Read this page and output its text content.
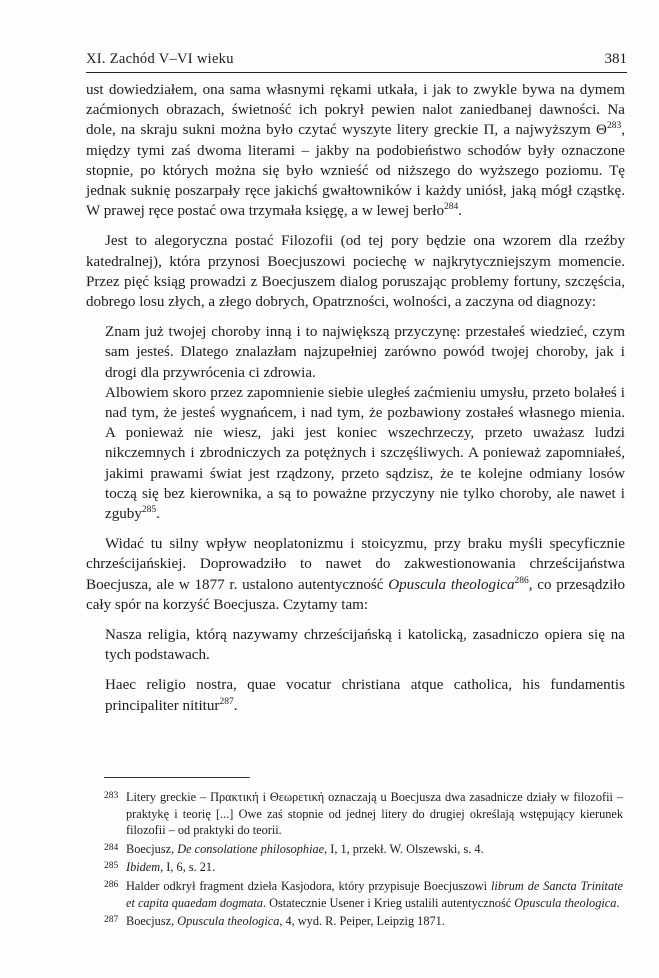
XI. Zachód V–VI wieku	381

ust dowiedziałem, ona sama własnymi rękami utkała, i jak to zwykle bywa na dymem zaćmionych obrazach, świetność ich pokrył pewien nalot zaniedbanej dawności. Na dole, na skraju sukni można było czytać wyszyte litery greckie Π, a najwyższym $\Theta^{283}$, między tymi zaś dwoma literami – jakby na podobieństwo schodów były oznaczone stopnie, po których można się było wznieść od niższego do wyższego poziomu. Tę jednak suknię poszarpały ręce jakichś gwałtowników i każdy uniósł, jaką mógł cząstkę. W prawej ręce postać owa trzymała księgę, a w lewej berło$^{284}$.

Jest to alegoryczna postać Filozofii (od tej pory będzie ona wzorem dla rzeźby katedralnej), która przynosi Boecjuszowi pociechę w najkrytyczniejszym momencie. Przez pięć ksiąg prowadzi z Boecjuszem dialog poruszając problemy fortuny, szczęścia, dobrego losu złych, a złego dobrych, Opatrzności, wolności, a zaczyna od diagnozy:

Znam już twojej choroby inną i to największą przyczynę: przestałeś wiedzieć, czym sam jesteś. Dlatego znalazłam najzupełniej zarówno powód twojej choroby, jak i drogi dla przywrócenia ci zdrowia.

Albowiem skoro przez zapomnienie siebie uległeś zaćmieniu umysłu, przeto bolałeś i nad tym, że jesteś wygnańcem, i nad tym, że pozbawiony zostałeś własnego mienia. A ponieważ nie wiesz, jaki jest koniec wszechrzeczy, przeto uważasz ludzi nikczemnych i zbrodniczych za potężnych i szczęśliwych. A ponieważ zapomniałeś, jakimi prawami świat jest rządzony, przeto sądzisz, że te kolejne odmiany losów toczą się bez kierownika, a są to poważne przyczyny nie tylko choroby, ale nawet i zguby$^{285}$.

Widać tu silny wpływ neoplatonizmu i stoicyzmu, przy braku myśli specyficznie chrześcijańskiej. Doprowadziło to nawet do zakwestionowania chrześcijaństwa Boecjusza, ale w 1877 r. ustalono autentyczność Opuscula theologica$^{286}$, co przesądziło cały spór na korzyść Boecjusza. Czytamy tam:

Nasza religia, którą nazywamy chrześcijańską i katolicką, zasadniczo opiera się na tych podstawach.

Haec religio nostra, quae vocatur christiana atque catholica, his fundamentis principaliter nititur$^{287}$.

283 Litery greckie – Πρακτική i Θεωρετική oznaczają u Boecjusza dwa zasadnicze działy w filozofii – praktykę i teorię [...] Owe zaś stopnie od jednej litery do drugiej określają wstępujący kierunek filozofii – od praktyki do teorii.

284 Boecjusz, De consolatione philosophiae, I, 1, przekł. W. Olszewski, s. 4.

285 Ibidem, I, 6, s. 21.

286 Halder odkrył fragment dzieła Kasjodora, który przypisuje Boecjuszowi librum de Sancta Trinitate et capita quaedam dogmata. Ostatecznie Usener i Krieg ustalili autentyczność Opuscula theologica.

287 Boecjusz, Opuscula theologica, 4, wyd. R. Peiper, Leipzig 1871.
